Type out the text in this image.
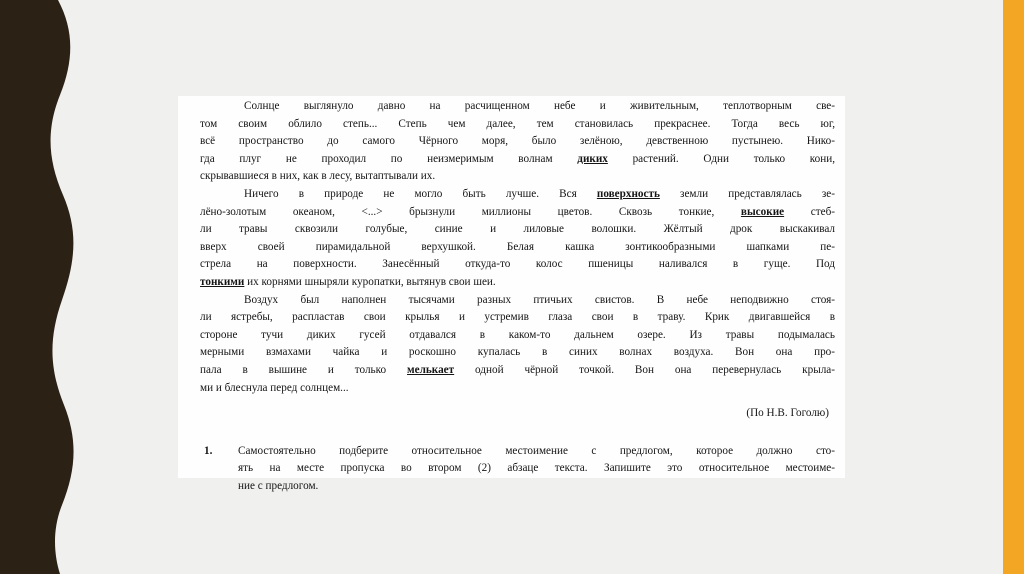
Солнце выглянуло давно на расчищенном небе и живительным, теплотворным све-
том своим облило степь... Степь чем далее, тем становилась прекраснее. Тогда весь юг,
всё пространство до самого Чёрного моря, было зелёною, девственною пустынею. Нико-
гда плуг не проходил по неизмеримым волнам диких растений. Одни только кони,
скрывавшиеся в них, как в лесу, вытаптывали их.
Ничего в природе не могло быть лучше. Вся поверхность земли представлялась зе-
лёно-золотым океаном, <...> брызнули миллионы цветов. Сквозь тонкие, высокие стеб-
ли травы сквозили голубые, синие и лиловые волошки. Жёлтый дрок выскакивал
вверх своей пирамидальной верхушкой. Белая кашка зонтикообразными шапками пе-
стрела на поверхности. Занесённый откуда-то колос пшеницы наливался в гуще. Под
тонкими их корнями шныряли куропатки, вытянув свои шеи.
Воздух был наполнен тысячами разных птичьих свистов. В небе неподвижно стоя-
ли ястребы, распластав свои крылья и устремив глаза свои в траву. Крик двигавшейся в
стороне тучи диких гусей отдавался в каком-то дальнем озере. Из травы подымалась
мерными взмахами чайка и роскошно купалась в синих волнах воздуха. Вон она про-
пала в вышине и только мелькает одной чёрной точкой. Вон она перевернулась крыла-
ми и блеснула перед солнцем...
(По Н.В. Гоголю)
1. Самостоятельно подберите относительное местоимение с предлогом, которое должно сто-
ять на месте пропуска во втором (2) абзаце текста. Запишите это относительное местоиме-
ние с предлогом.
